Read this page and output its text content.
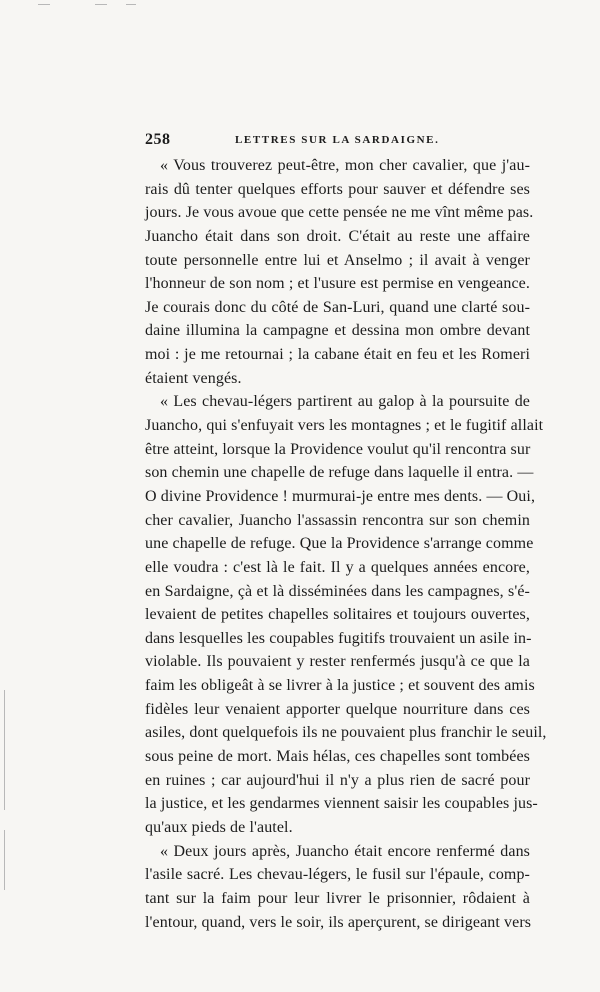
258	LETTRES SUR LA SARDAIGNE.
« Vous trouverez peut-être, mon cher cavalier, que j'au-
rais dû tenter quelques efforts pour sauver et défendre ses
jours. Je vous avoue que cette pensée ne me vînt même pas.
Juancho était dans son droit. C'était au reste une affaire
toute personnelle entre lui et Anselmo ; il avait à venger
l'honneur de son nom ; et l'usure est permise en vengeance.
Je courais donc du côté de San-Luri, quand une clarté sou-
daine illumina la campagne et dessina mon ombre devant
moi : je me retournai ; la cabane était en feu et les Romeri
étaient vengés.
« Les chevau-légers partirent au galop à la poursuite de
Juancho, qui s'enfuyait vers les montagnes ; et le fugitif allait
être atteint, lorsque la Providence voulut qu'il rencontra sur
son chemin une chapelle de refuge dans laquelle il entra. —
O divine Providence ! murmurai-je entre mes dents. — Oui,
cher cavalier, Juancho l'assassin rencontra sur son chemin
une chapelle de refuge. Que la Providence s'arrange comme
elle voudra : c'est là le fait. Il y a quelques années encore,
en Sardaigne, çà et là disséminées dans les campagnes, s'é-
levaient de petites chapelles solitaires et toujours ouvertes,
dans lesquelles les coupables fugitifs trouvaient un asile in-
violable. Ils pouvaient y rester renfermés jusqu'à ce que la
faim les obligeât à se livrer à la justice ; et souvent des amis
fidèles leur venaient apporter quelque nourriture dans ces
asiles, dont quelquefois ils ne pouvaient plus franchir le seuil,
sous peine de mort. Mais hélas, ces chapelles sont tombées
en ruines ; car aujourd'hui il n'y a plus rien de sacré pour
la justice, et les gendarmes viennent saisir les coupables jus-
qu'aux pieds de l'autel.
« Deux jours après, Juancho était encore renfermé dans
l'asile sacré. Les chevau-légers, le fusil sur l'épaule, comp-
tant sur la faim pour leur livrer le prisonnier, rôdaient à
l'entour, quand, vers le soir, ils aperçurent, se dirigeant vers
